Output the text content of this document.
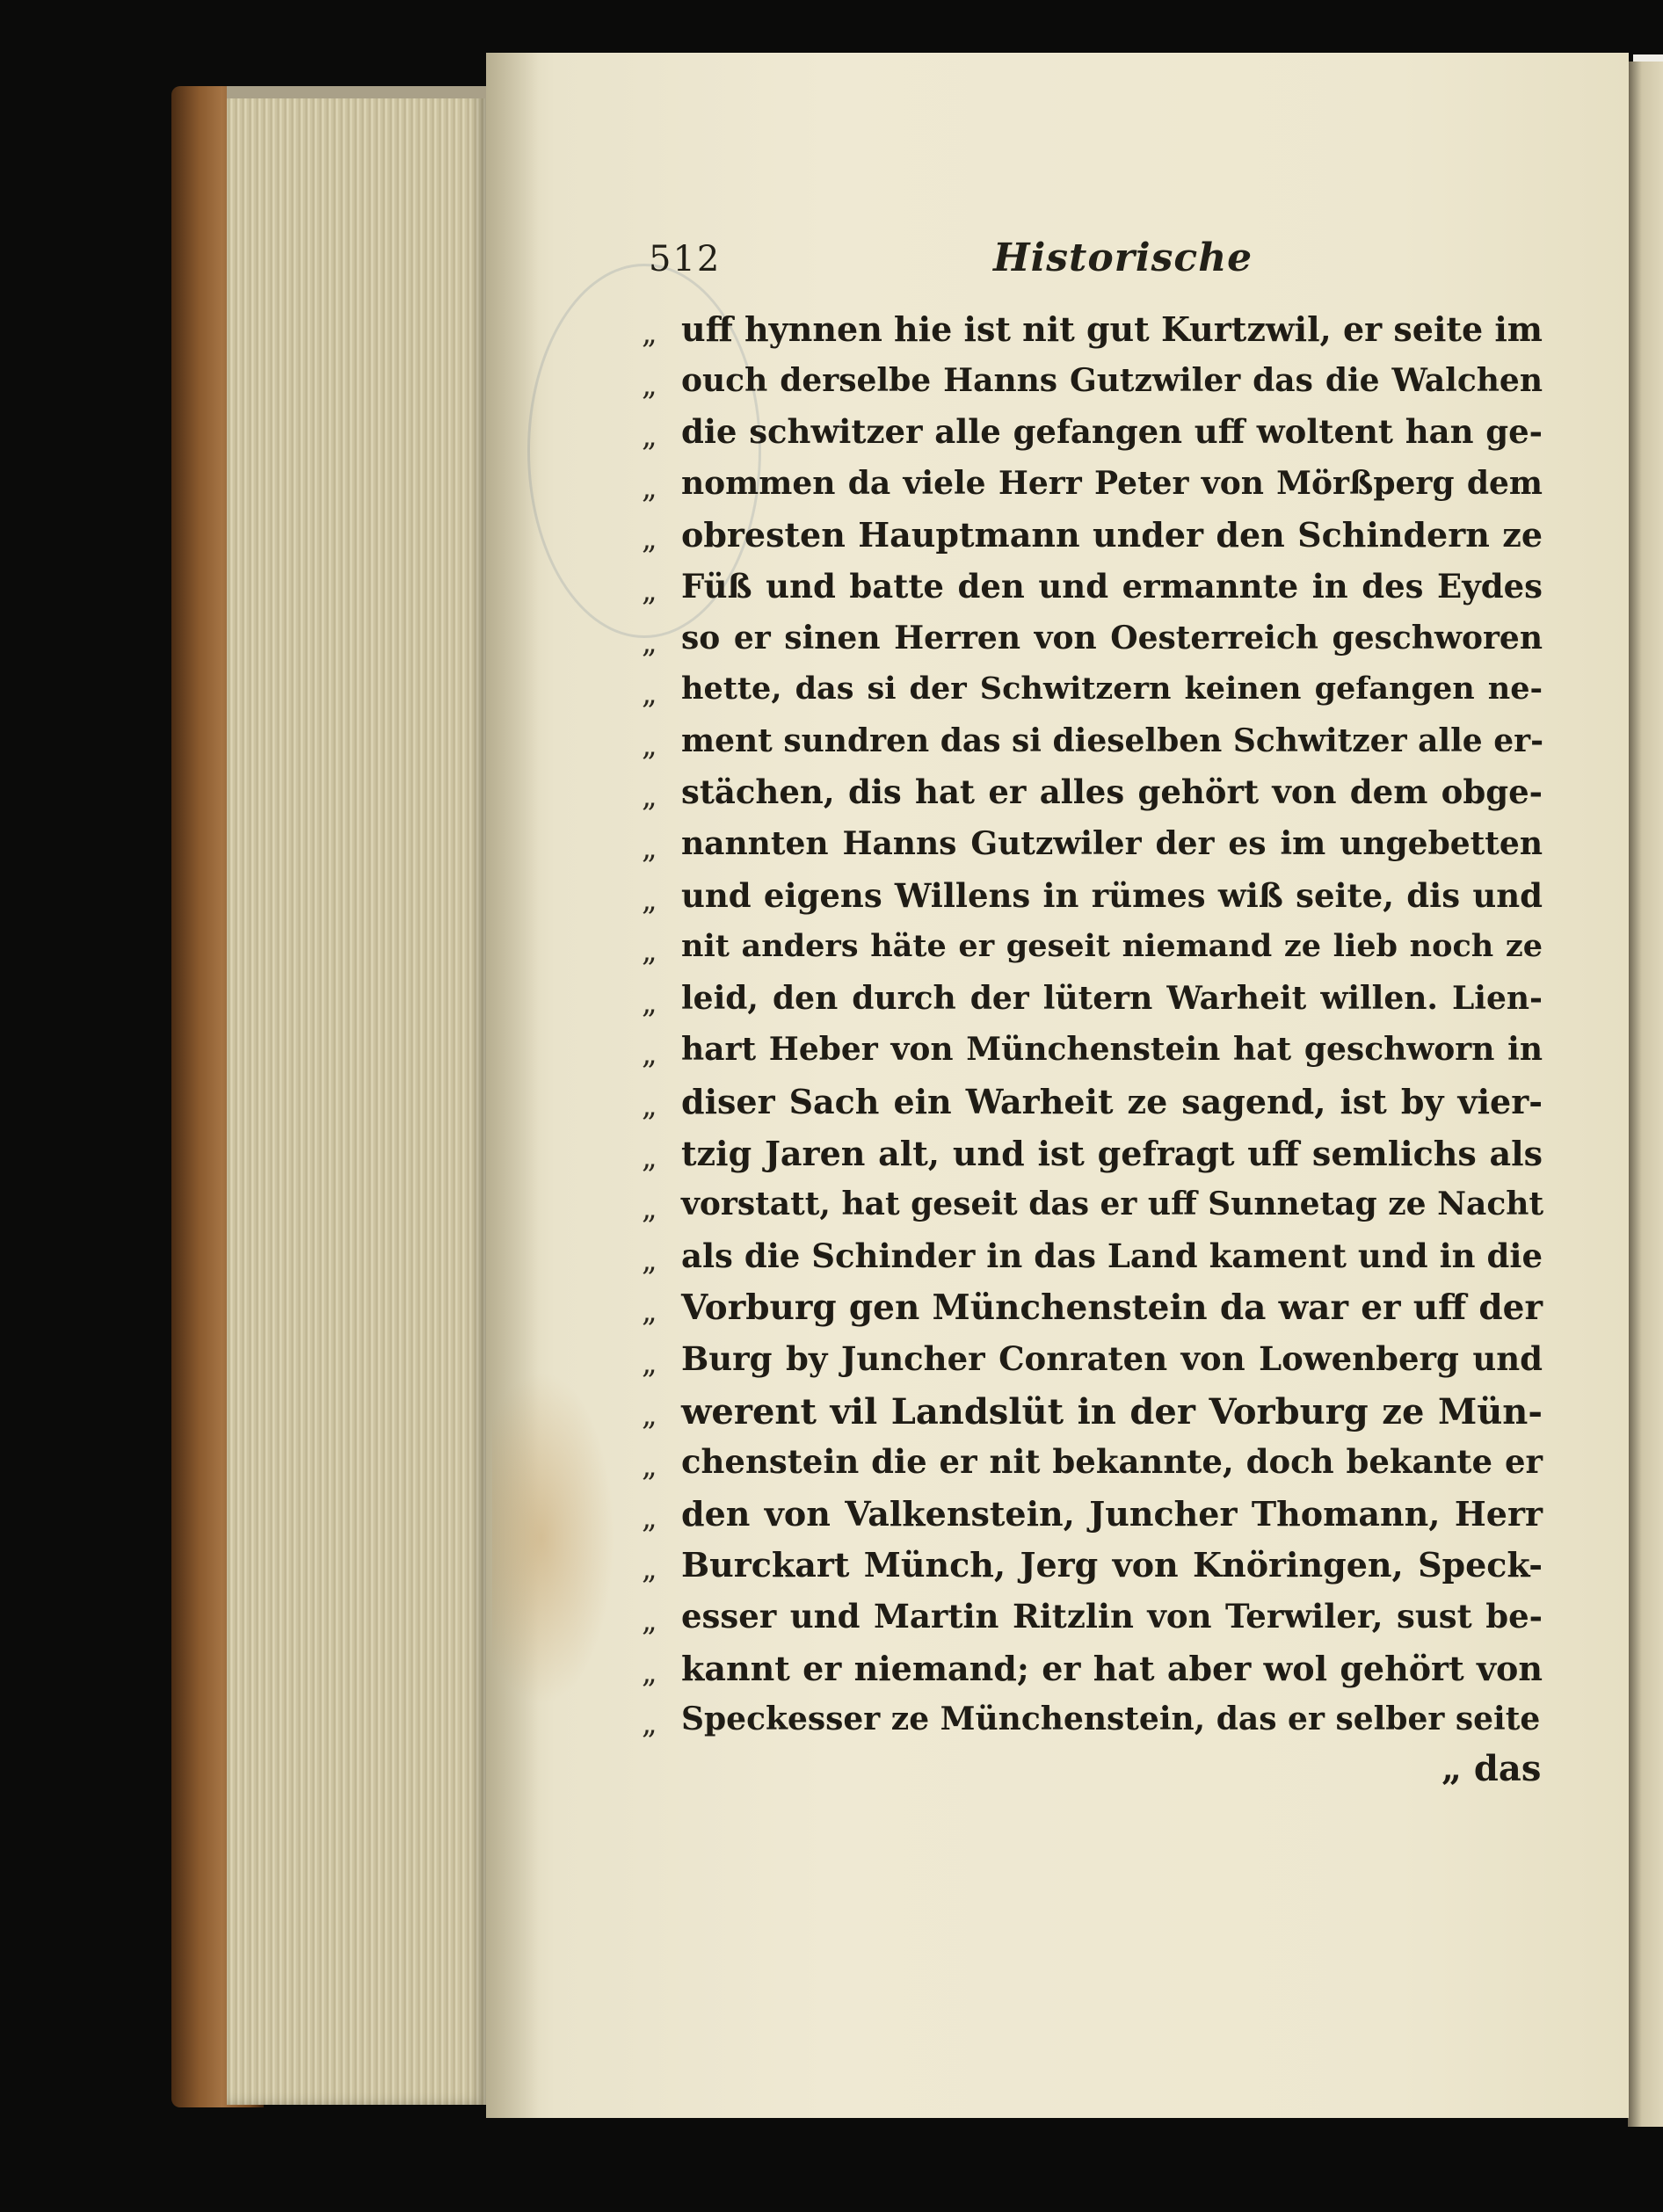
512	Historische
„ uff hynnen hie ist nit gut Kurtzwil, er seite im
„ ouch derselbe Hanns Gutzwiler das die Walchen
„ die schwitzer alle gefangen uff woltent han ge-
„ nommen da viele Herr Peter von Mörßperg dem
„ obresten Hauptmann under den Schindern ze
„ Füß und batte den und ermannte in des Eydes
„ so er sinen Herren von Oesterreich geschworen
„ hette, das si der Schwitzern keinen gefangen ne-
„ ment sundren das si dieselben Schwitzer alle er-
„ stächen, dis hat er alles gehört von dem obge-
„ nannten Hanns Gutzwiler der es im ungebetten
„ und eigens Willens in rümes wiß seite, dis und
„ nit anders häte er geseit niemand ze lieb noch ze
„ leid, den durch der lütern Warheit willen. Lien-
„ hart Heber von Münchenstein hat geschworn in
„ diser Sach ein Warheit ze sagend, ist by vier-
„ tzig Jaren alt, und ist gefragt uff semlichs als
„ vorstatt, hat geseit das er uff Sunnetag ze Nacht
„ als die Schinder in das Land kament und in die
„ Vorburg gen Münchenstein da war er uff der
„ Burg by Juncher Conraten von Lowenberg und
„ werent vil Landslüt in der Vorburg ze Mün-
„ chenstein die er nit bekannte, doch bekante er
„ den von Valkenstein, Juncher Thomann, Herr
„ Burckart Münch, Jerg von Knöringen, Speck-
„ esser und Martin Ritzlin von Terwiler, sust be-
„ kannt er niemand; er hat aber wol gehört von
„ Speckesser ze Münchenstein, das er selber seite
„ das
